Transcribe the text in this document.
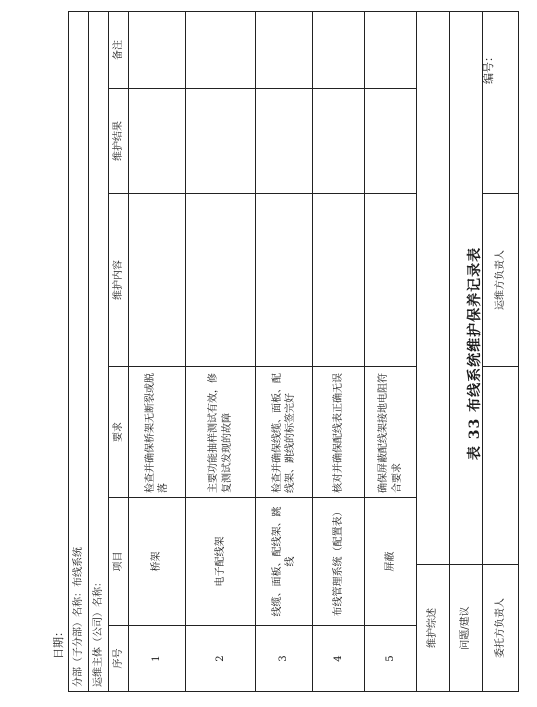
表 33 布线系统维护保养记录表
编号：
日期： 分部（子分部）名称：布线系统						
运维主体（公司）名称：						
序号	项目		要求	维护内容	维护结果	备注
1	桥架		检查并确保桥架无断裂或脱落			
2	电子配线架		主要功能抽样测试有效，修复测试发现的故障			
3	线缆、面板、配线架、跳线		检查并确保线缆、面板、配线架、跳线的标签完好			
4	布线管理系统（配置表）		核对并确保配线表正确无误			
5	屏蔽		确保屏蔽配线架接地电阻符合要求			
维护综述						
问题/建议						
委托方负责人				运维方负责人		
